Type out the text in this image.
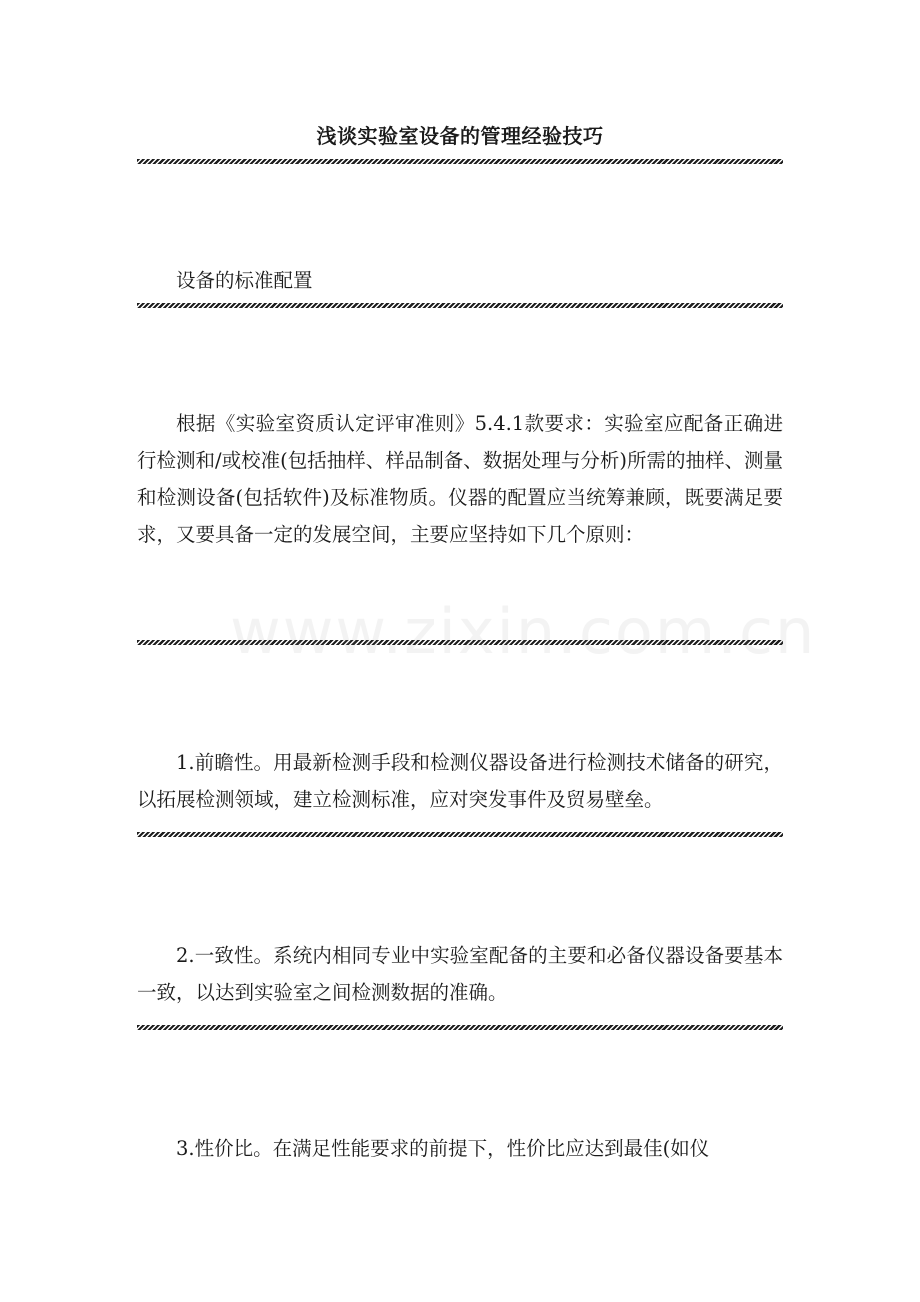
浅谈实验室设备的管理经验技巧

设备的标准配置

根据《实验室资质认定评审准则》5.4.1款要求：实验室应配备正确进行检测和/或校准(包括抽样、样品制备、数据处理与分析)所需的抽样、测量和检测设备(包括软件)及标准物质。仪器的配置应当统筹兼顾，既要满足要求，又要具备一定的发展空间，主要应坚持如下几个原则：

1.前瞻性。用最新检测手段和检测仪器设备进行检测技术储备的研究，以拓展检测领域，建立检测标准，应对突发事件及贸易壁垒。

2.一致性。系统内相同专业中实验室配备的主要和必备仪器设备要基本一致，以达到实验室之间检测数据的准确。

3.性价比。在满足性能要求的前提下，性价比应达到最佳(如仪

www.zixin.com.cn
